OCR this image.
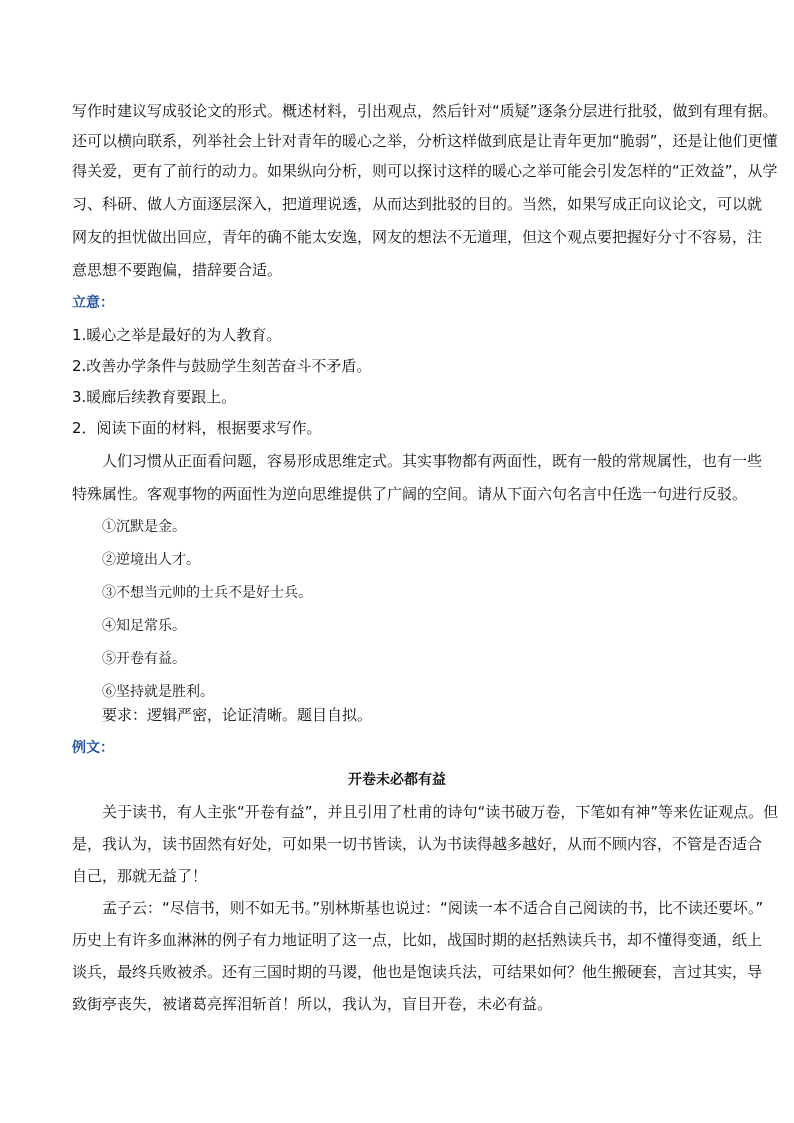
写作时建议写成驳论文的形式。概述材料，引出观点，然后针对“质疑”逐条分层进行批驳，做到有理有据。
还可以横向联系，列举社会上针对青年的暖心之举，分析这样做到底是让青年更加“脆弱”，还是让他们更懂
得关爱，更有了前行的动力。如果纵向分析，则可以探讨这样的暖心之举可能会引发怎样的“正效益”，从学
习、科研、做人方面逐层深入，把道理说透，从而达到批驳的目的。当然，如果写成正向议论文，可以就
网友的担忧做出回应，青年的确不能太安逸，网友的想法不无道理，但这个观点要把握好分寸不容易，注
意思想不要跑偏，措辞要合适。
立意：
1.暖心之举是最好的为人教育。
2.改善办学条件与鼓励学生刻苦奋斗不矛盾。
3.暖廊后续教育要跟上。
2．阅读下面的材料，根据要求写作。
人们习惯从正面看问题，容易形成思维定式。其实事物都有两面性，既有一般的常规属性，也有一些
特殊属性。客观事物的两面性为逆向思维提供了广阔的空间。请从下面六句名言中任选一句进行反驳。
①沉默是金。
②逆境出人才。
③不想当元帅的士兵不是好士兵。
④知足常乐。
⑤开卷有益。
⑥坚持就是胜利。
要求：逻辑严密，论证清晰。题目自拟。
例文：
开卷未必都有益
关于读书，有人主张“开卷有益”，并且引用了杜甫的诗句“读书破万卷，下笔如有神”等来佐证观点。但
是，我认为，读书固然有好处，可如果一切书皆读，认为书读得越多越好，从而不顾内容，不管是否适合
自己，那就无益了！
孟子云：“尽信书，则不如无书。”别林斯基也说过：“阅读一本不适合自己阅读的书，比不读还要坏。”
历史上有许多血淋淋的例子有力地证明了这一点，比如，战国时期的赵括熟读兵书，却不懂得变通，纸上
谈兵，最终兵败被杀。还有三国时期的马谡，他也是饱读兵法，可结果如何？他生搬硬套，言过其实，导
致街亭丧失，被诸葛亮挥泪斩首！所以，我认为，盲目开卷，未必有益。
